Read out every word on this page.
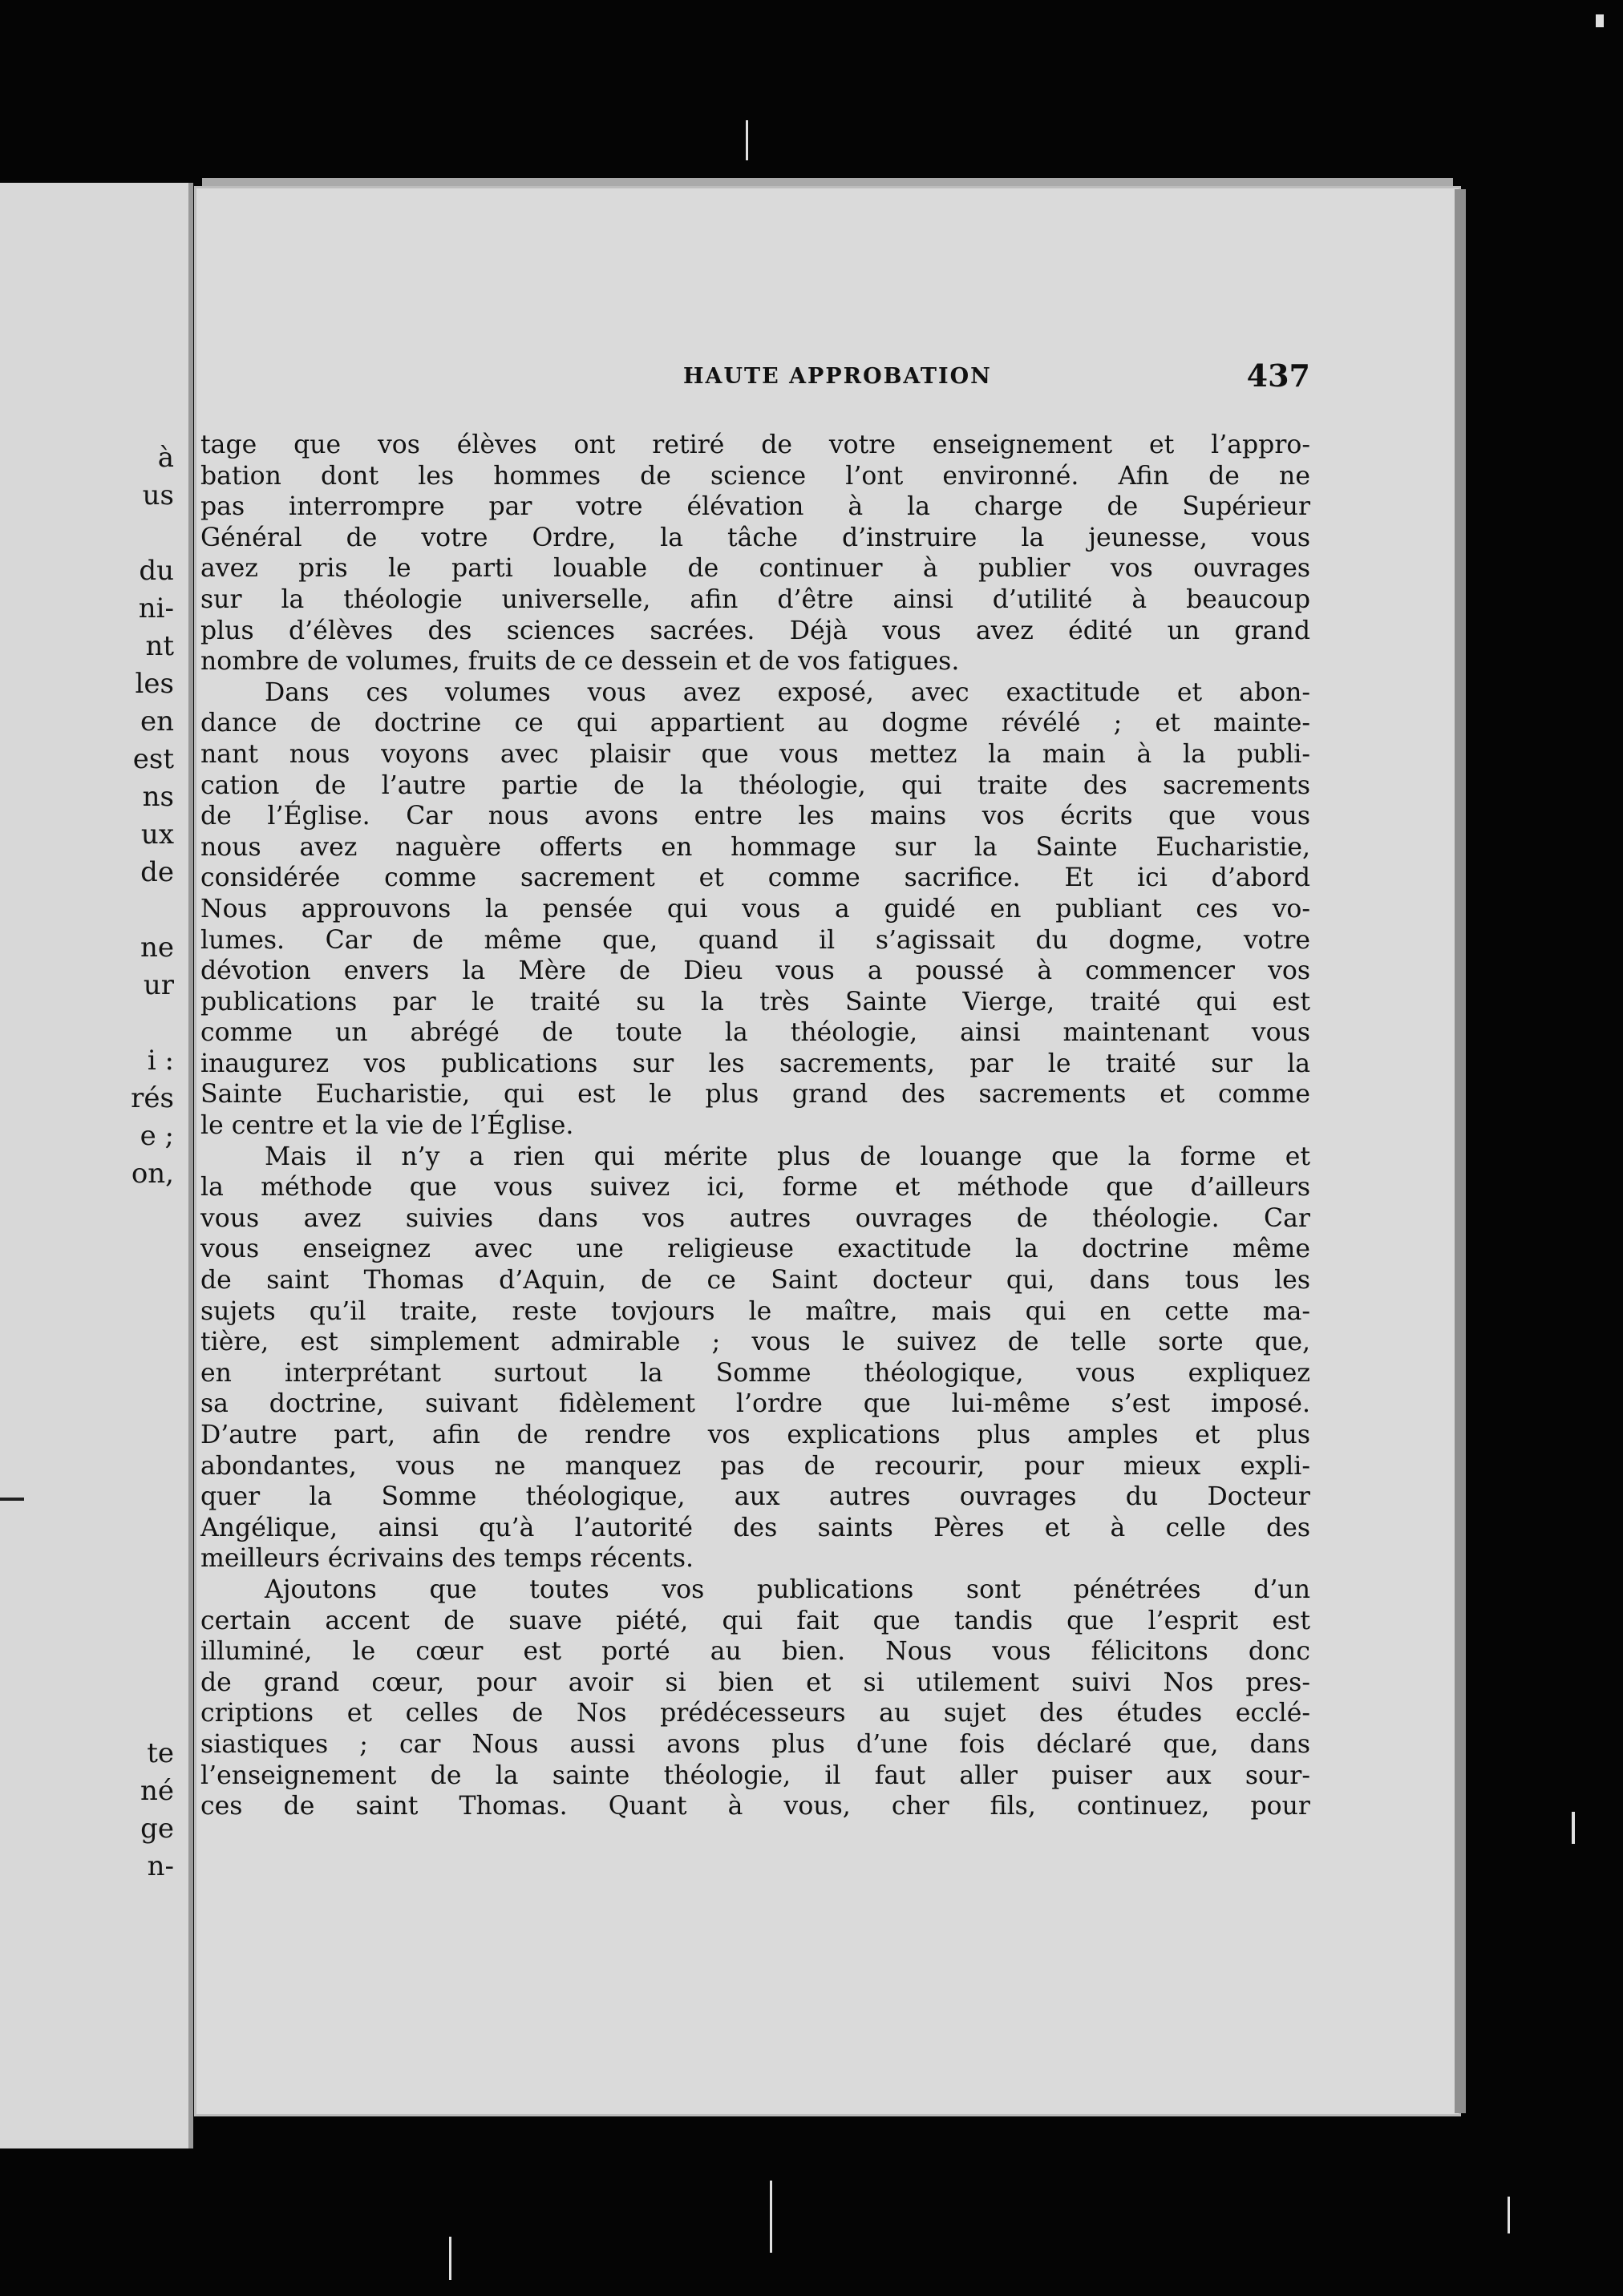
à
us
du
ni-
nt
les
en
est
ns
ux
de
ne
ur
i :
rés
e ;
on,
te
né
ge
n-
HAUTE APPROBATION	437
tage que vos élèves ont retiré de votre enseignement et l’appro-
bation dont les hommes de science l’ont environné. Afin de ne
pas interrompre par votre élévation à la charge de Supérieur
Général de votre Ordre, la tâche d’instruire la jeunesse, vous
avez pris le parti louable de continuer à publier vos ouvrages
sur la théologie universelle, afin d’être ainsi d’utilité à beaucoup
plus d’élèves des sciences sacrées. Déjà vous avez édité un grand
nombre de volumes, fruits de ce dessein et de vos fatigues.
Dans ces volumes vous avez exposé, avec exactitude et abon-
dance de doctrine ce qui appartient au dogme révélé ; et mainte-
nant nous voyons avec plaisir que vous mettez la main à la publi-
cation de l’autre partie de la théologie, qui traite des sacrements
de l’Église. Car nous avons entre les mains vos écrits que vous
nous avez naguère offerts en hommage sur la Sainte Eucharistie,
considérée comme sacrement et comme sacrifice. Et ici d’abord
Nous approuvons la pensée qui vous a guidé en publiant ces vo-
lumes. Car de même que, quand il s’agissait du dogme, votre
dévotion envers la Mère de Dieu vous a poussé à commencer vos
publications par le traité su la très Sainte Vierge, traité qui est
comme un abrégé de toute la théologie, ainsi maintenant vous
inaugurez vos publications sur les sacrements, par le traité sur la
Sainte Eucharistie, qui est le plus grand des sacrements et comme
le centre et la vie de l’Église.
Mais il n’y a rien qui mérite plus de louange que la forme et
la méthode que vous suivez ici, forme et méthode que d’ailleurs
vous avez suivies dans vos autres ouvrages de théologie. Car
vous enseignez avec une religieuse exactitude la doctrine même
de saint Thomas d’Aquin, de ce Saint docteur qui, dans tous les
sujets qu’il traite, reste tovjours le maître, mais qui en cette ma-
tière, est simplement admirable ; vous le suivez de telle sorte que,
en interprétant surtout la Somme théologique, vous expliquez
sa doctrine, suivant fidèlement l’ordre que lui-même s’est imposé.
D’autre part, afin de rendre vos explications plus amples et plus
abondantes, vous ne manquez pas de recourir, pour mieux expli-
quer la Somme théologique, aux autres ouvrages du Docteur
Angélique, ainsi qu’à l’autorité des saints Pères et à celle des
meilleurs écrivains des temps récents.
Ajoutons que toutes vos publications sont pénétrées d’un
certain accent de suave piété, qui fait que tandis que l’esprit est
illuminé, le cœur est porté au bien. Nous vous félicitons donc
de grand cœur, pour avoir si bien et si utilement suivi Nos pres-
criptions et celles de Nos prédécesseurs au sujet des études ecclé-
siastiques ; car Nous aussi avons plus d’une fois déclaré que, dans
l’enseignement de la sainte théologie, il faut aller puiser aux sour-
ces de saint Thomas. Quant à vous, cher fils, continuez, pour
